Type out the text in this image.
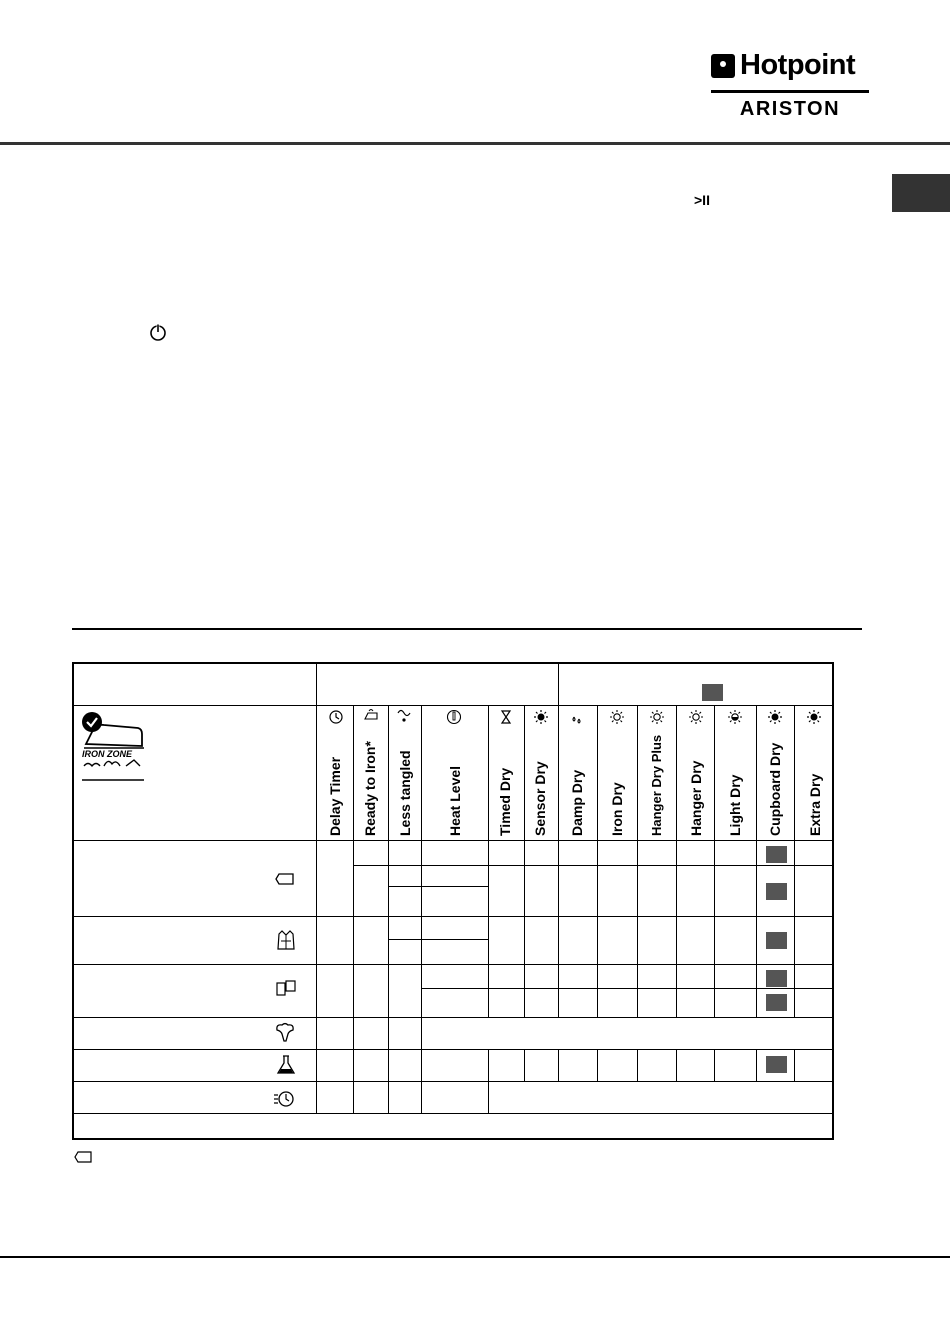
Hotpoint
ARISTON
>II
IRON ZONE
Delay Timer Ready to Iron* Less tangled Heat Level Timed Dry Sensor Dry Damp Dry Iron Dry Hanger Dry Plus Hanger Dry Light Dry Cupboard Dry Extra Dry
